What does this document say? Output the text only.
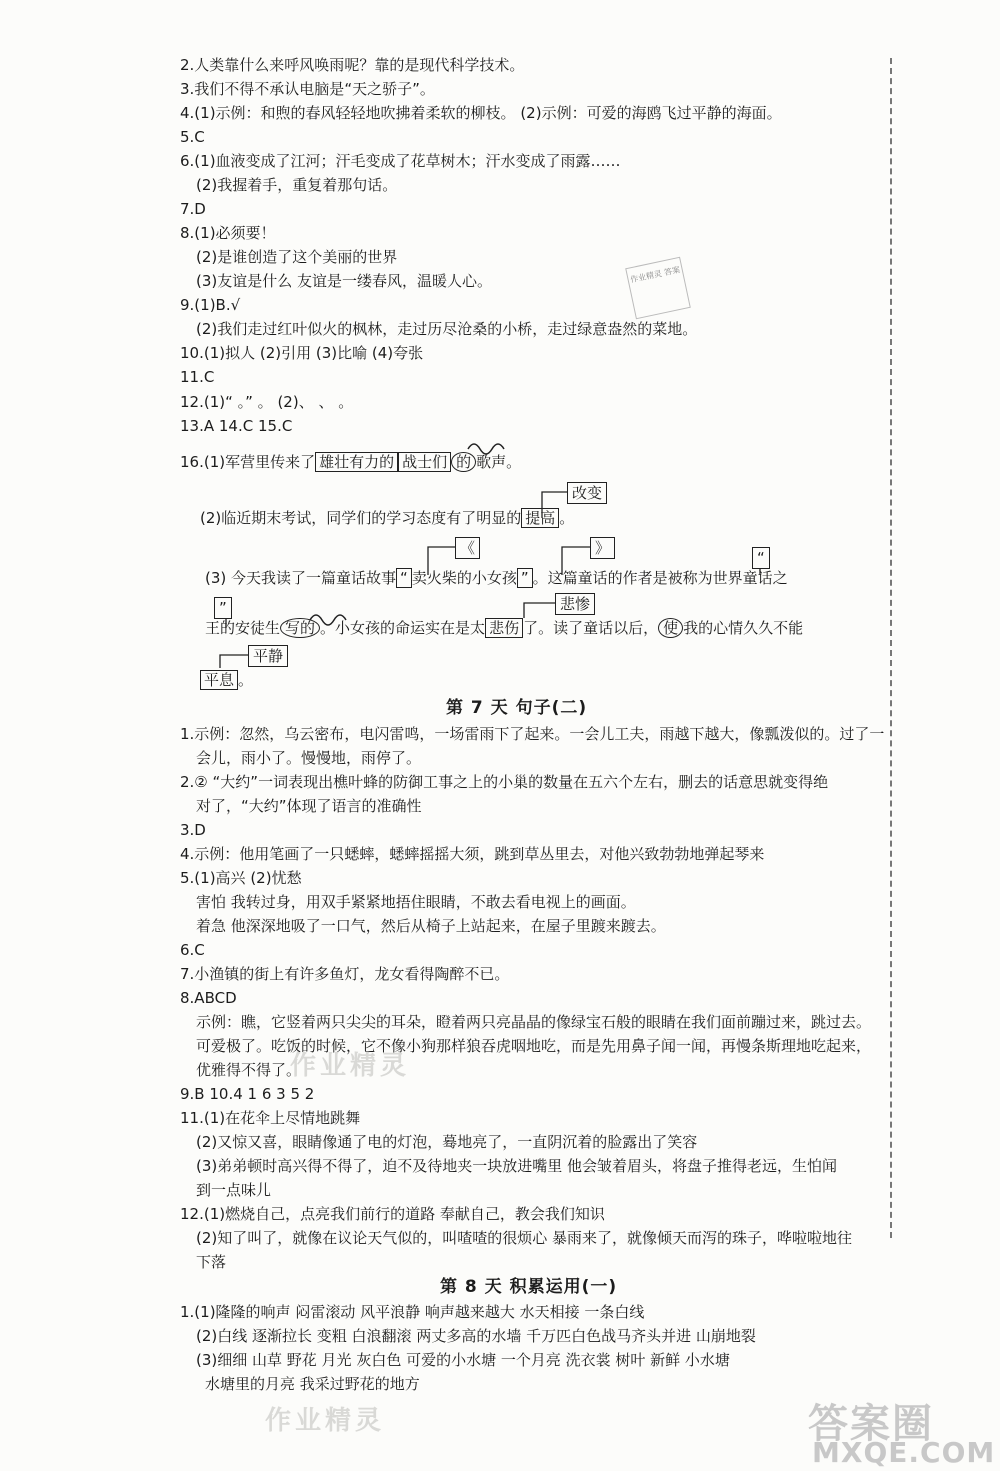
2.人类靠什么来呼风唤雨呢？靠的是现代科学技术。
3.我们不得不承认电脑是“天之骄子”。
4.(1)示例：和煦的春风轻轻地吹拂着柔软的柳枝。 (2)示例：可爱的海鸥飞过平静的海面。
5.C
6.(1)血液变成了江河；汗毛变成了花草树木；汗水变成了雨露……
(2)我握着手，重复着那句话。
7.D
8.(1)必须要！
(2)是谁创造了这个美丽的世界
(3)友谊是什么 友谊是一缕春风，温暖人心。
9.(1)B.√
(2)我们走过红叶似火的枫林，走过历尽沧桑的小桥，走过绿意盎然的菜地。
10.(1)拟人 (2)引用 (3)比喻 (4)夸张
11.C
12.(1)“ 。” 。 (2)、 、 。
13.A 14.C 15.C
作业精灵 答案
16.(1)军营里传来了 雄壮有力的 战士们 的 歌声。
改变
(2)临近期末考试，同学们的学习态度有了明显的 提高 。
《	》
“
(3) 今天我读了一篇童话故事 “ 卖火柴的小女孩 ” 。这篇童话的作者是被称为世界童话之
”	悲惨
王的安徒生 写的 。小女孩的命运实在是太 悲伤 了。读了童话以后， 使 我的心情久久不能
平静
平息 。
第 7 天 句子(二)
1.示例：忽然，乌云密布，电闪雷鸣，一场雷雨下了起来。一会儿工夫，雨越下越大，像瓢泼似的。过了一
会儿，雨小了。慢慢地，雨停了。
2.② “大约”一词表现出樵叶蜂的防御工事之上的小巢的数量在五六个左右，删去的话意思就变得绝
对了，“大约”体现了语言的准确性
3.D
4.示例：他用笔画了一只蟋蟀，蟋蟀摇摇大须，跳到草丛里去，对他兴致勃勃地弹起琴来
5.(1)高兴 (2)忧愁
害怕 我转过身，用双手紧紧地捂住眼睛，不敢去看电视上的画面。
着急 他深深地吸了一口气，然后从椅子上站起来，在屋子里踱来踱去。
6.C
7.小渔镇的街上有许多鱼灯，龙女看得陶醉不已。
8.ABCD
示例：瞧，它竖着两只尖尖的耳朵，瞪着两只亮晶晶的像绿宝石般的眼睛在我们面前蹦过来，跳过去。
可爱极了。吃饭的时候，它不像小狗那样狼吞虎咽地吃，而是先用鼻子闻一闻，再慢条斯理地吃起来，
优雅得不得了。
作业精灵
9.B 10.4 1 6 3 5 2
11.(1)在花伞上尽情地跳舞
(2)又惊又喜，眼睛像通了电的灯泡，蓦地亮了，一直阴沉着的脸露出了笑容
(3)弟弟顿时高兴得不得了，迫不及待地夹一块放进嘴里 他会皱着眉头，将盘子推得老远，生怕闻
到一点味儿
12.(1)燃烧自己，点亮我们前行的道路 奉献自己，教会我们知识
(2)知了叫了，就像在议论天气似的，叫喳喳的很烦心 暴雨来了，就像倾天而泻的珠子，哗啦啦地往
下落
第 8 天 积累运用(一)
1.(1)隆隆的响声 闷雷滚动 风平浪静 响声越来越大 水天相接 一条白线
(2)白线 逐渐拉长 变粗 白浪翻滚 两丈多高的水墙 千万匹白色战马齐头并进 山崩地裂
(3)细细 山草 野花 月光 灰白色 可爱的小水塘 一个月亮 洗衣裳 树叶 新鲜 小水塘
水塘里的月亮 我采过野花的地方
作业精灵	答案圈
MXQE.COM
